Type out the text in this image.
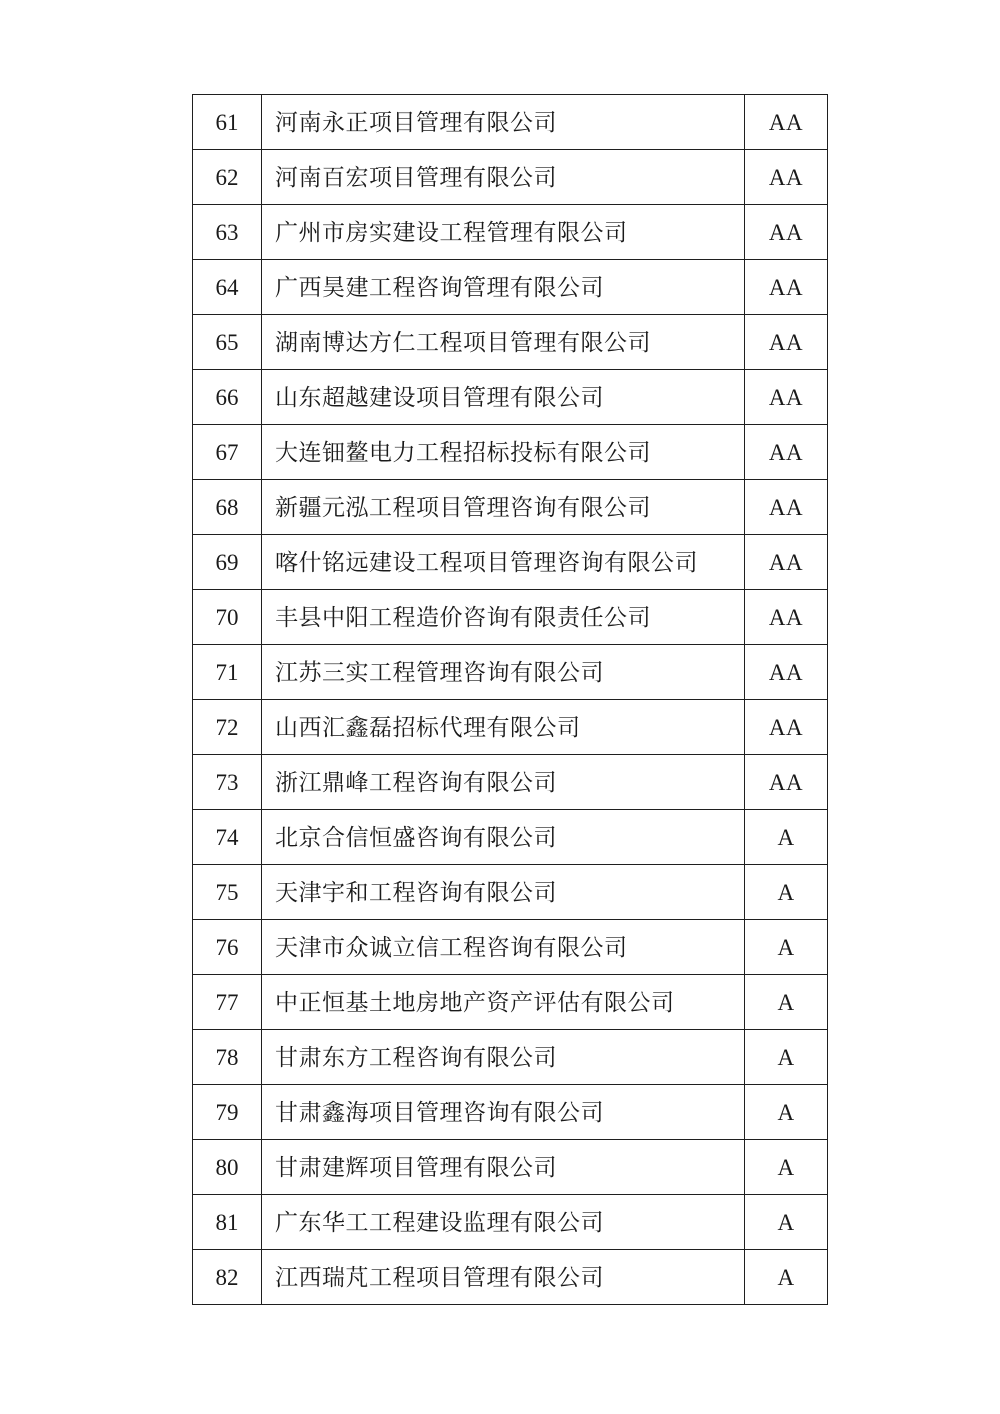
61	河南永正项目管理有限公司	AA
62	河南百宏项目管理有限公司	AA
63	广州市房实建设工程管理有限公司	AA
64	广西昊建工程咨询管理有限公司	AA
65	湖南博达方仁工程项目管理有限公司	AA
66	山东超越建设项目管理有限公司	AA
67	大连钿鳌电力工程招标投标有限公司	AA
68	新疆元泓工程项目管理咨询有限公司	AA
69	喀什铭远建设工程项目管理咨询有限公司	AA
70	丰县中阳工程造价咨询有限责任公司	AA
71	江苏三实工程管理咨询有限公司	AA
72	山西汇鑫磊招标代理有限公司	AA
73	浙江鼎峰工程咨询有限公司	AA
74	北京合信恒盛咨询有限公司	A
75	天津宇和工程咨询有限公司	A
76	天津市众诚立信工程咨询有限公司	A
77	中正恒基土地房地产资产评估有限公司	A
78	甘肃东方工程咨询有限公司	A
79	甘肃鑫海项目管理咨询有限公司	A
80	甘肃建辉项目管理有限公司	A
81	广东华工工程建设监理有限公司	A
82	江西瑞芃工程项目管理有限公司	A
